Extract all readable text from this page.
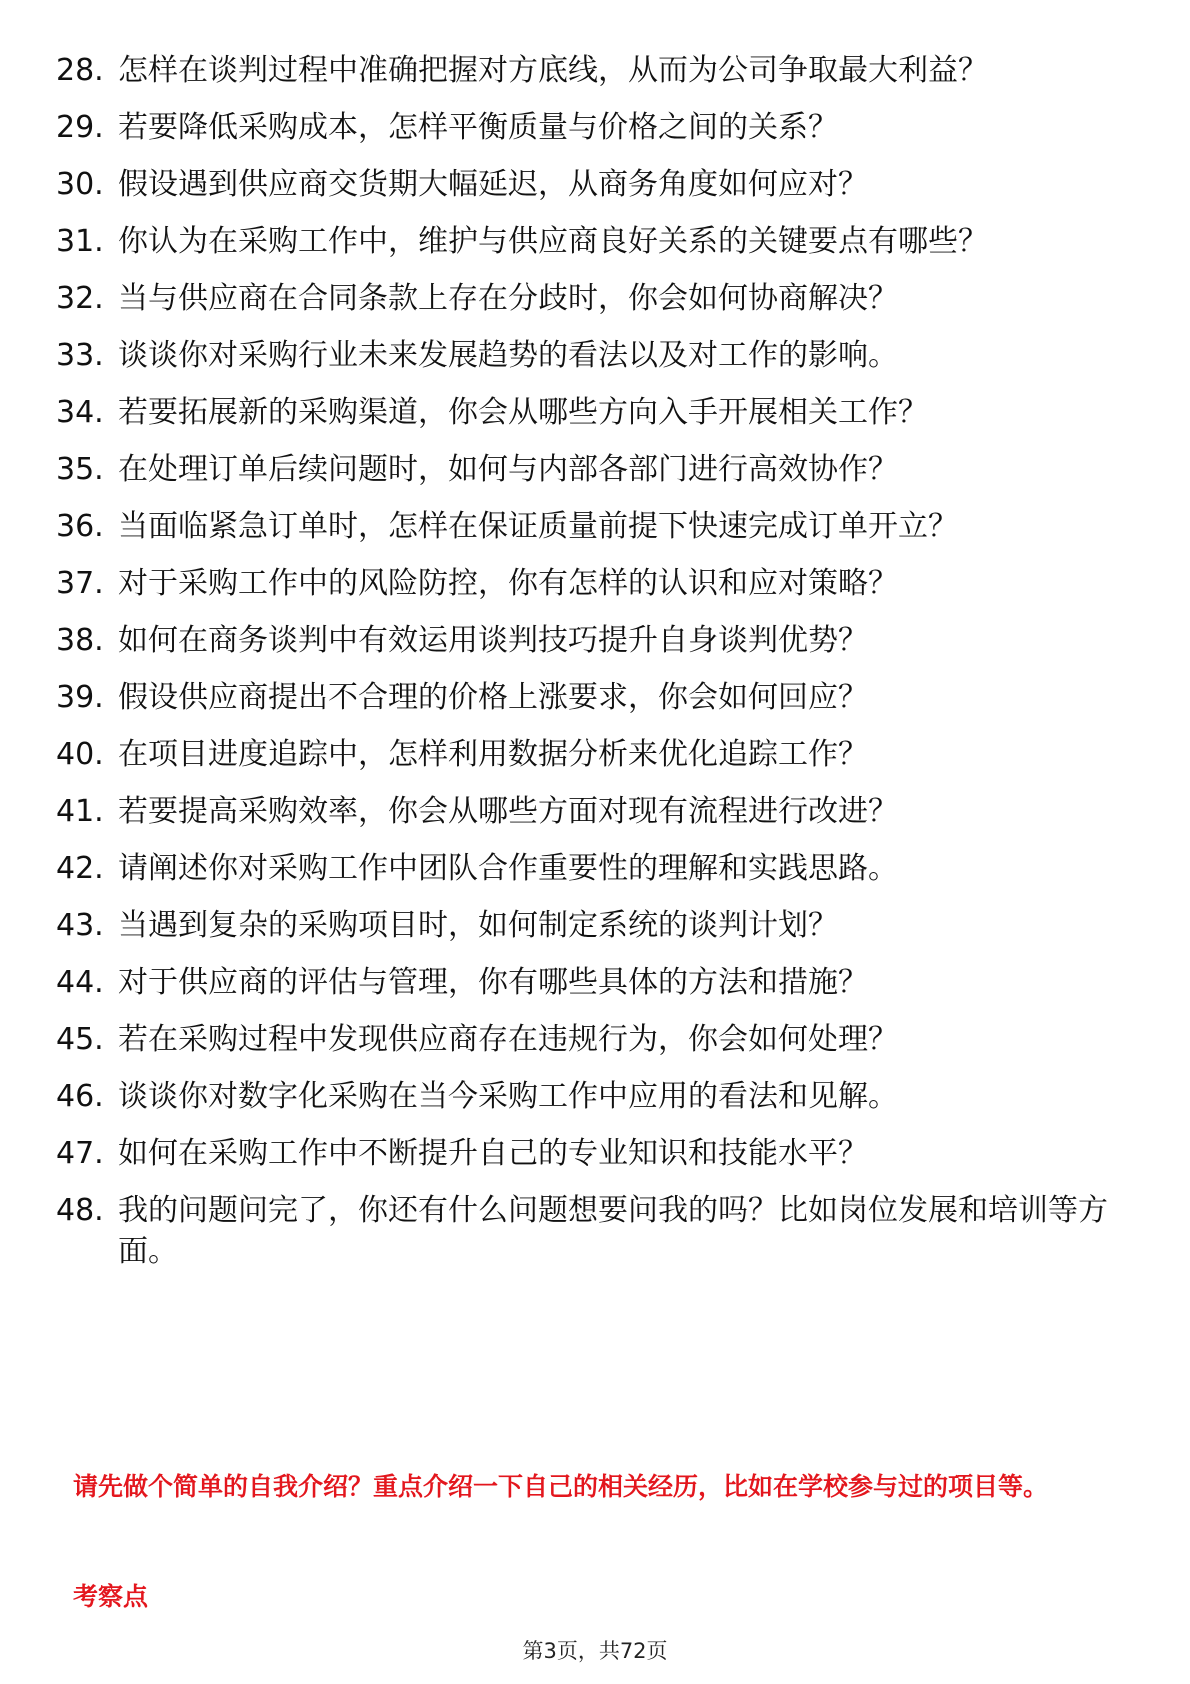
28. 怎样在谈判过程中准确把握对方底线，从而为公司争取最大利益？
29. 若要降低采购成本，怎样平衡质量与价格之间的关系？
30. 假设遇到供应商交货期大幅延迟，从商务角度如何应对？
31. 你认为在采购工作中，维护与供应商良好关系的关键要点有哪些？
32. 当与供应商在合同条款上存在分歧时，你会如何协商解决？
33. 谈谈你对采购行业未来发展趋势的看法以及对工作的影响。
34. 若要拓展新的采购渠道，你会从哪些方向入手开展相关工作？
35. 在处理订单后续问题时，如何与内部各部门进行高效协作？
36. 当面临紧急订单时，怎样在保证质量前提下快速完成订单开立？
37. 对于采购工作中的风险防控，你有怎样的认识和应对策略？
38. 如何在商务谈判中有效运用谈判技巧提升自身谈判优势？
39. 假设供应商提出不合理的价格上涨要求，你会如何回应？
40. 在项目进度追踪中，怎样利用数据分析来优化追踪工作？
41. 若要提高采购效率，你会从哪些方面对现有流程进行改进？
42. 请阐述你对采购工作中团队合作重要性的理解和实践思路。
43. 当遇到复杂的采购项目时，如何制定系统的谈判计划？
44. 对于供应商的评估与管理，你有哪些具体的方法和措施？
45. 若在采购过程中发现供应商存在违规行为，你会如何处理？
46. 谈谈你对数字化采购在当今采购工作中应用的看法和见解。
47. 如何在采购工作中不断提升自己的专业知识和技能水平？
48. 我的问题问完了，你还有什么问题想要问我的吗？比如岗位发展和培训等方面。

请先做个简单的自我介绍？重点介绍一下自己的相关经历，比如在学校参与过的项目等。

考察点

第3页，共72页
